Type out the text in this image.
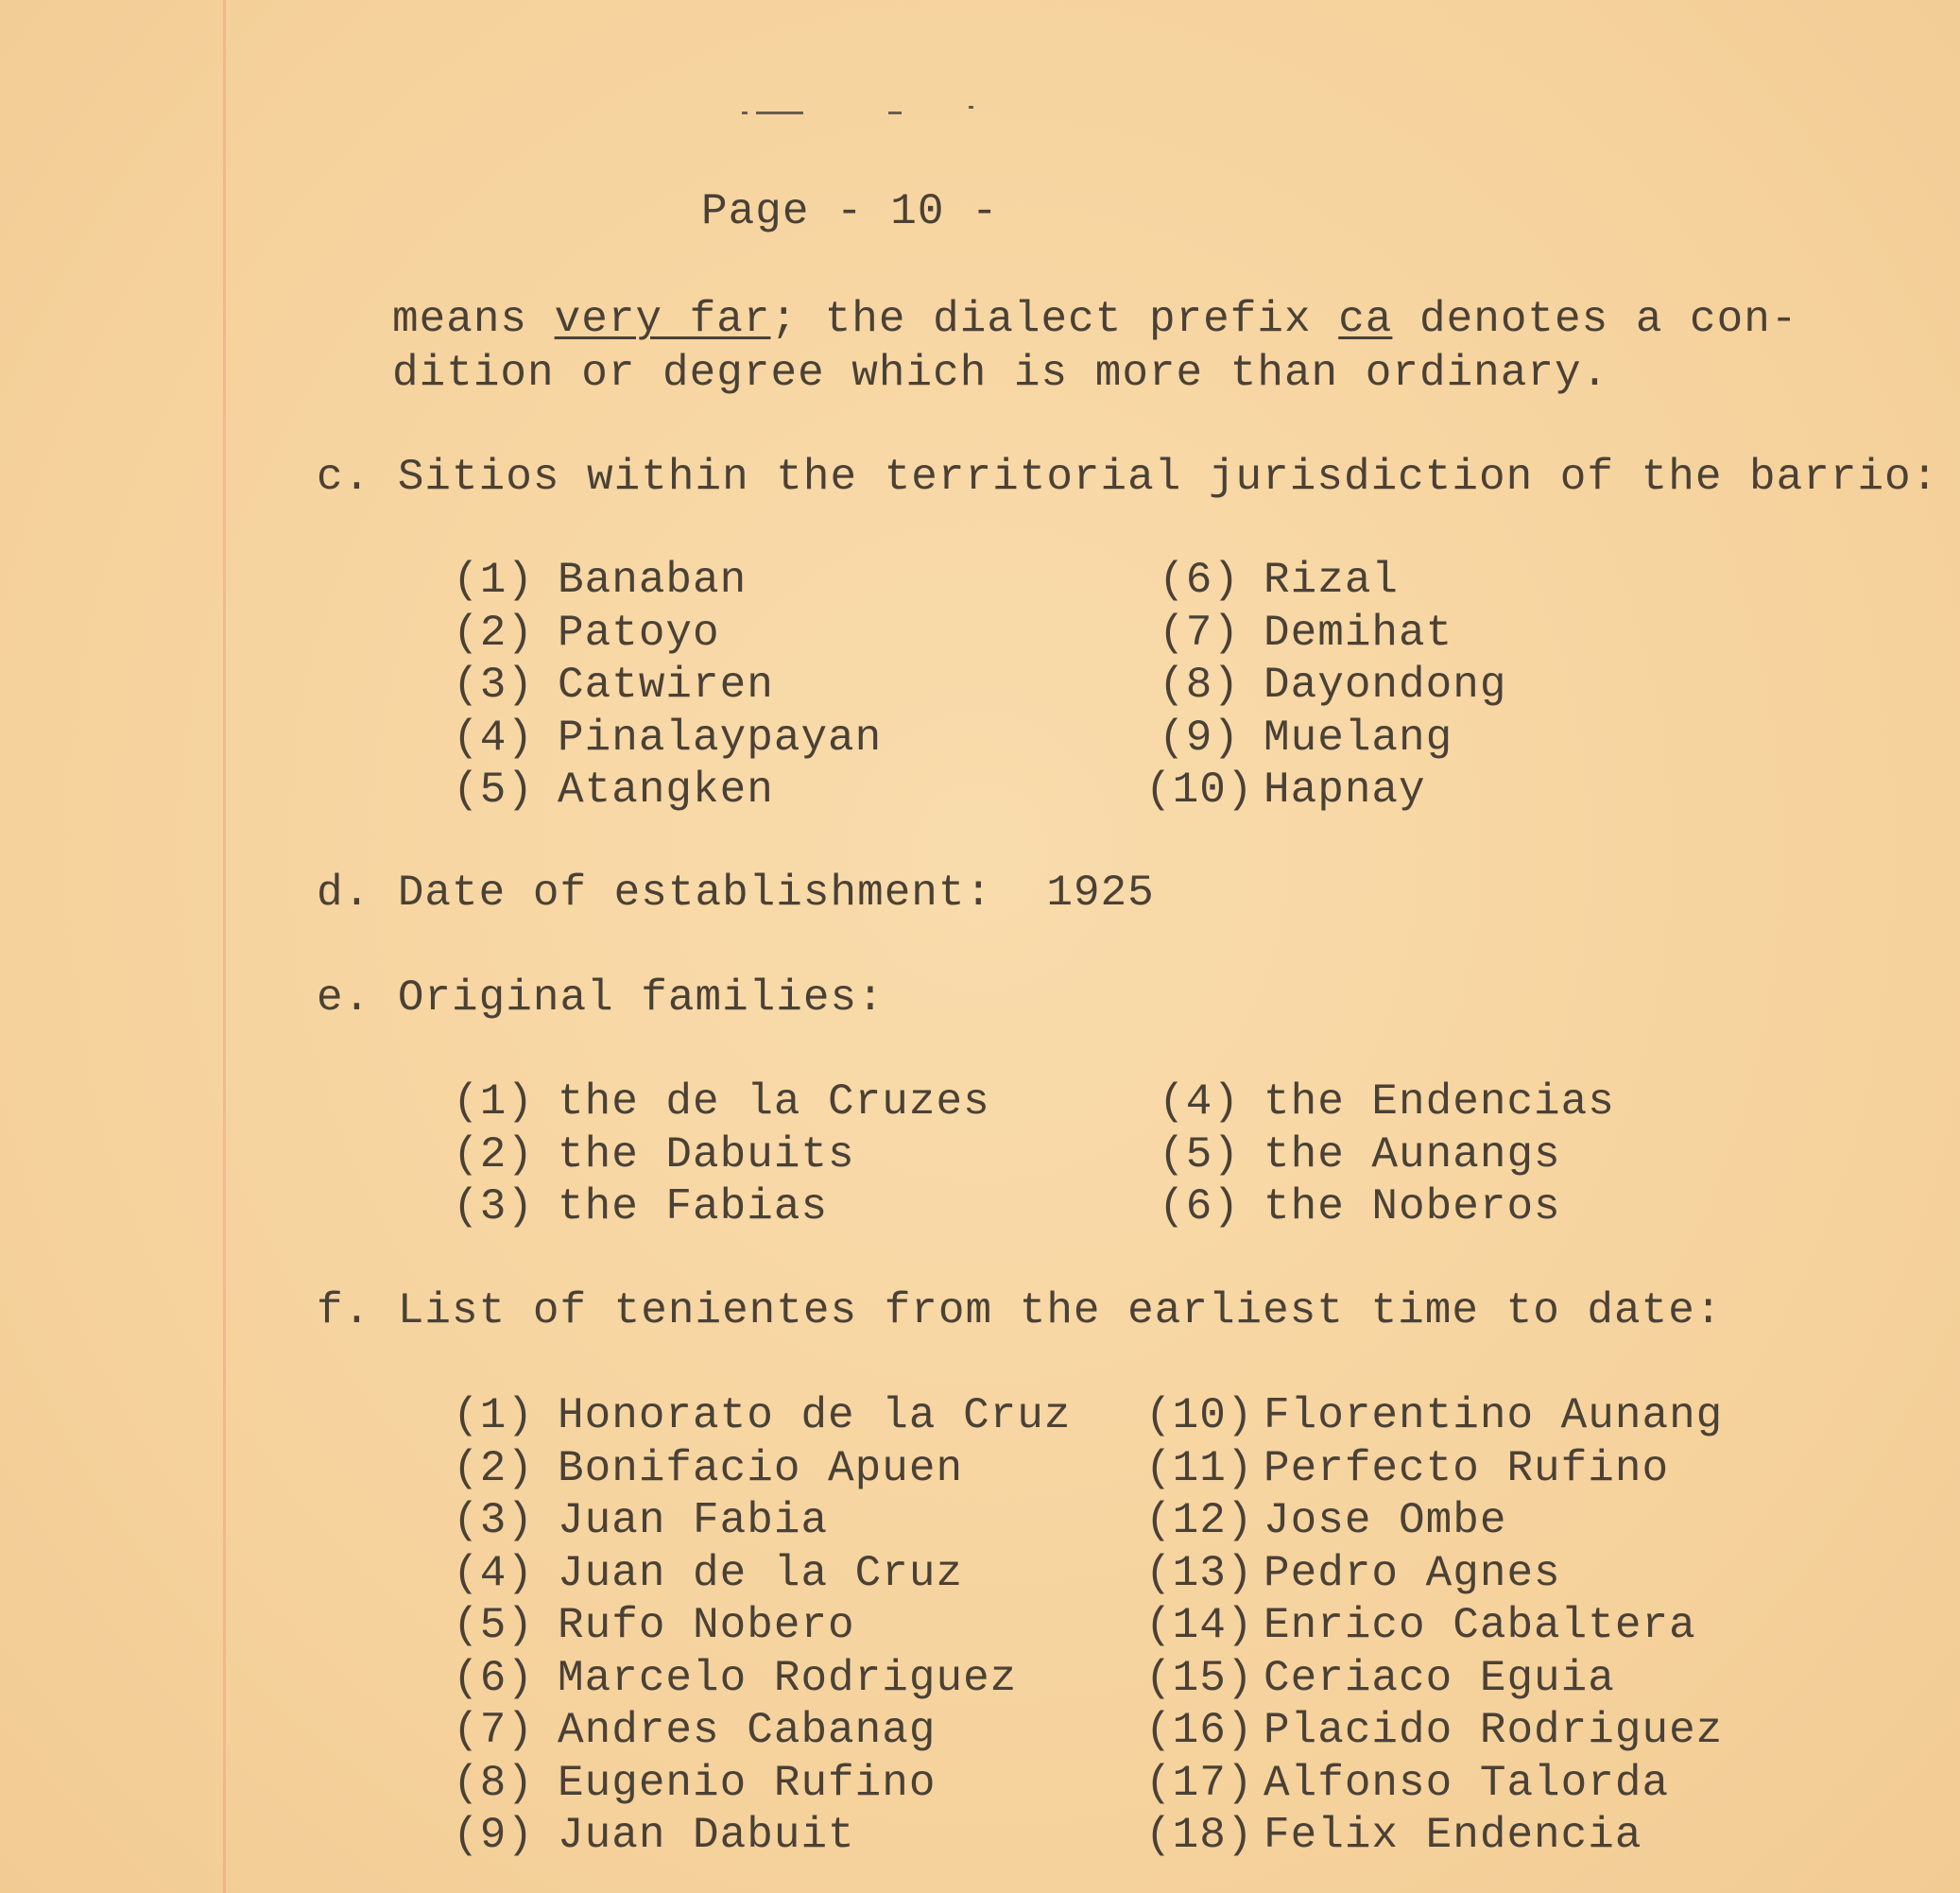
Page - 10 -
means very far; the dialect prefix ca denotes a con-
dition or degree which is more than ordinary.
c. Sitios within the territorial jurisdiction of the barrio:
(1) Banaban
(2) Patoyo
(3) Catwiren
(4) Pinalaypayan
(5) Atangken
(6) Rizal
(7) Demihat
(8) Dayondong
(9) Muelang
(10) Hapnay
d. Date of establishment: 1925
e. Original families:
(1) the de la Cruzes
(2) the Dabuits
(3) the Fabias
(4) the Endencias
(5) the Aunangs
(6) the Noberos
f. List of tenientes from the earliest time to date:
(1) Honorato de la Cruz
(2) Bonifacio Apuen
(3) Juan Fabia
(4) Juan de la Cruz
(5) Rufo Nobero
(6) Marcelo Rodriguez
(7) Andres Cabanag
(8) Eugenio Rufino
(9) Juan Dabuit
(10) Florentino Aunang
(11) Perfecto Rufino
(12) Jose Ombe
(13) Pedro Agnes
(14) Enrico Cabaltera
(15) Ceriaco Eguia
(16) Placido Rodriguez
(17) Alfonso Talorda
(18) Felix Endencia
